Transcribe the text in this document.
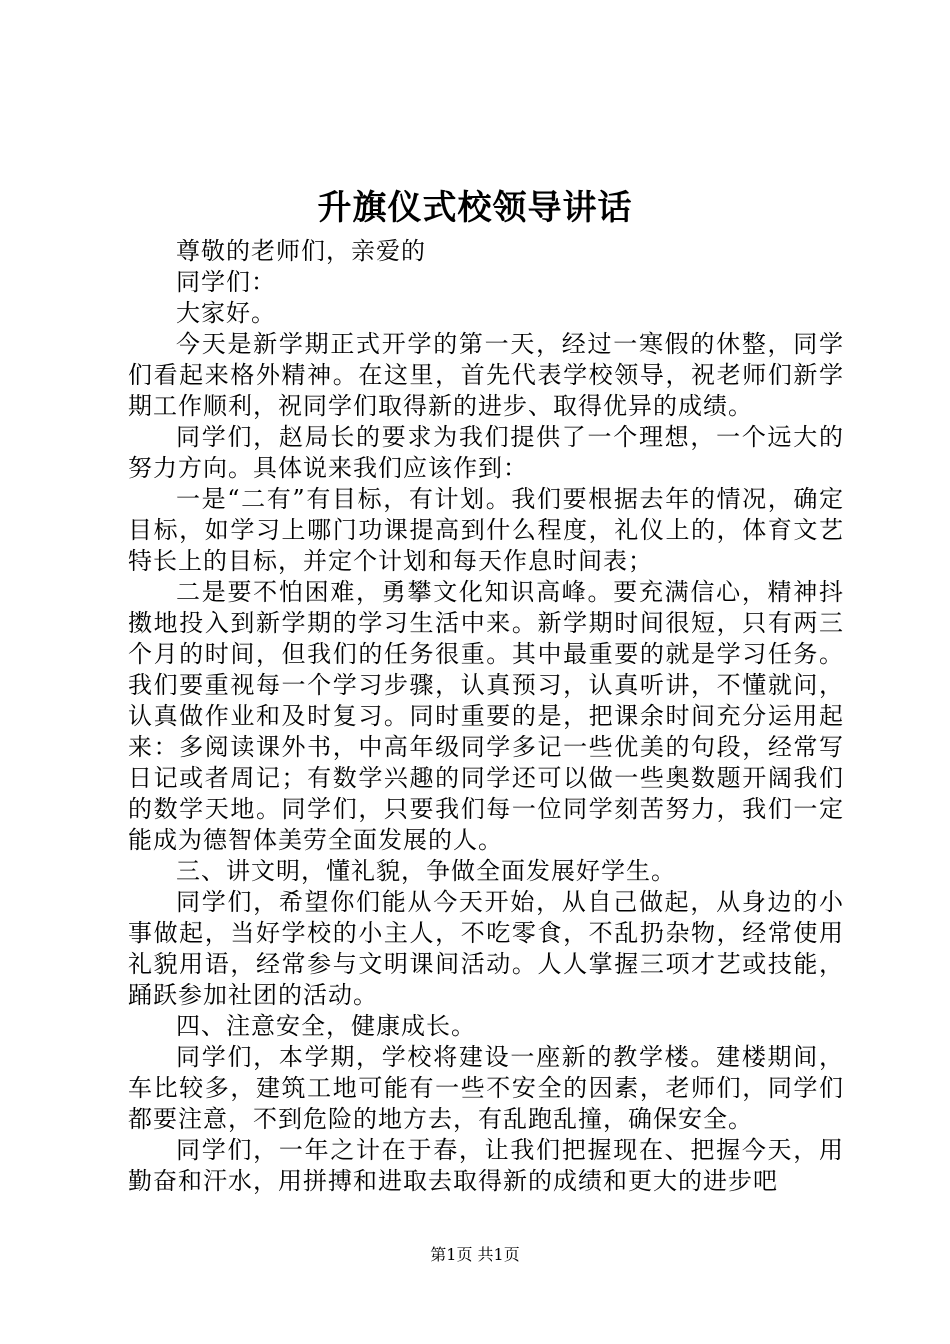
升旗仪式校领导讲话

尊敬的老师们，亲爱的

同学们：

大家好。

今天是新学期正式开学的第一天，经过一寒假的休整，同学们看起来格外精神。在这里，首先代表学校领导，祝老师们新学期工作顺利，祝同学们取得新的进步、取得优异的成绩。

同学们，赵局长的要求为我们提供了一个理想，一个远大的努力方向。具体说来我们应该作到：

一是“二有”有目标，有计划。我们要根据去年的情况，确定目标，如学习上哪门功课提高到什么程度，礼仪上的，体育文艺特长上的目标，并定个计划和每天作息时间表；

二是要不怕困难，勇攀文化知识高峰。要充满信心，精神抖擞地投入到新学期的学习生活中来。新学期时间很短，只有两三个月的时间，但我们的任务很重。其中最重要的就是学习任务。我们要重视每一个学习步骤，认真预习，认真听讲，不懂就问，认真做作业和及时复习。同时重要的是，把课余时间充分运用起来：多阅读课外书，中高年级同学多记一些优美的句段，经常写日记或者周记；有数学兴趣的同学还可以做一些奥数题开阔我们的数学天地。同学们，只要我们每一位同学刻苦努力，我们一定能成为德智体美劳全面发展的人。

三、讲文明，懂礼貌，争做全面发展好学生。

同学们，希望你们能从今天开始，从自己做起，从身边的小事做起，当好学校的小主人，不吃零食，不乱扔杂物，经常使用礼貌用语，经常参与文明课间活动。人人掌握三项才艺或技能，踊跃参加社团的活动。

四、注意安全，健康成长。

同学们，本学期，学校将建设一座新的教学楼。建楼期间，车比较多，建筑工地可能有一些不安全的因素，老师们，同学们都要注意，不到危险的地方去，有乱跑乱撞，确保安全。

同学们，一年之计在于春，让我们把握现在、把握今天，用勤奋和汗水，用拼搏和进取去取得新的成绩和更大的进步吧

第1页 共1页
